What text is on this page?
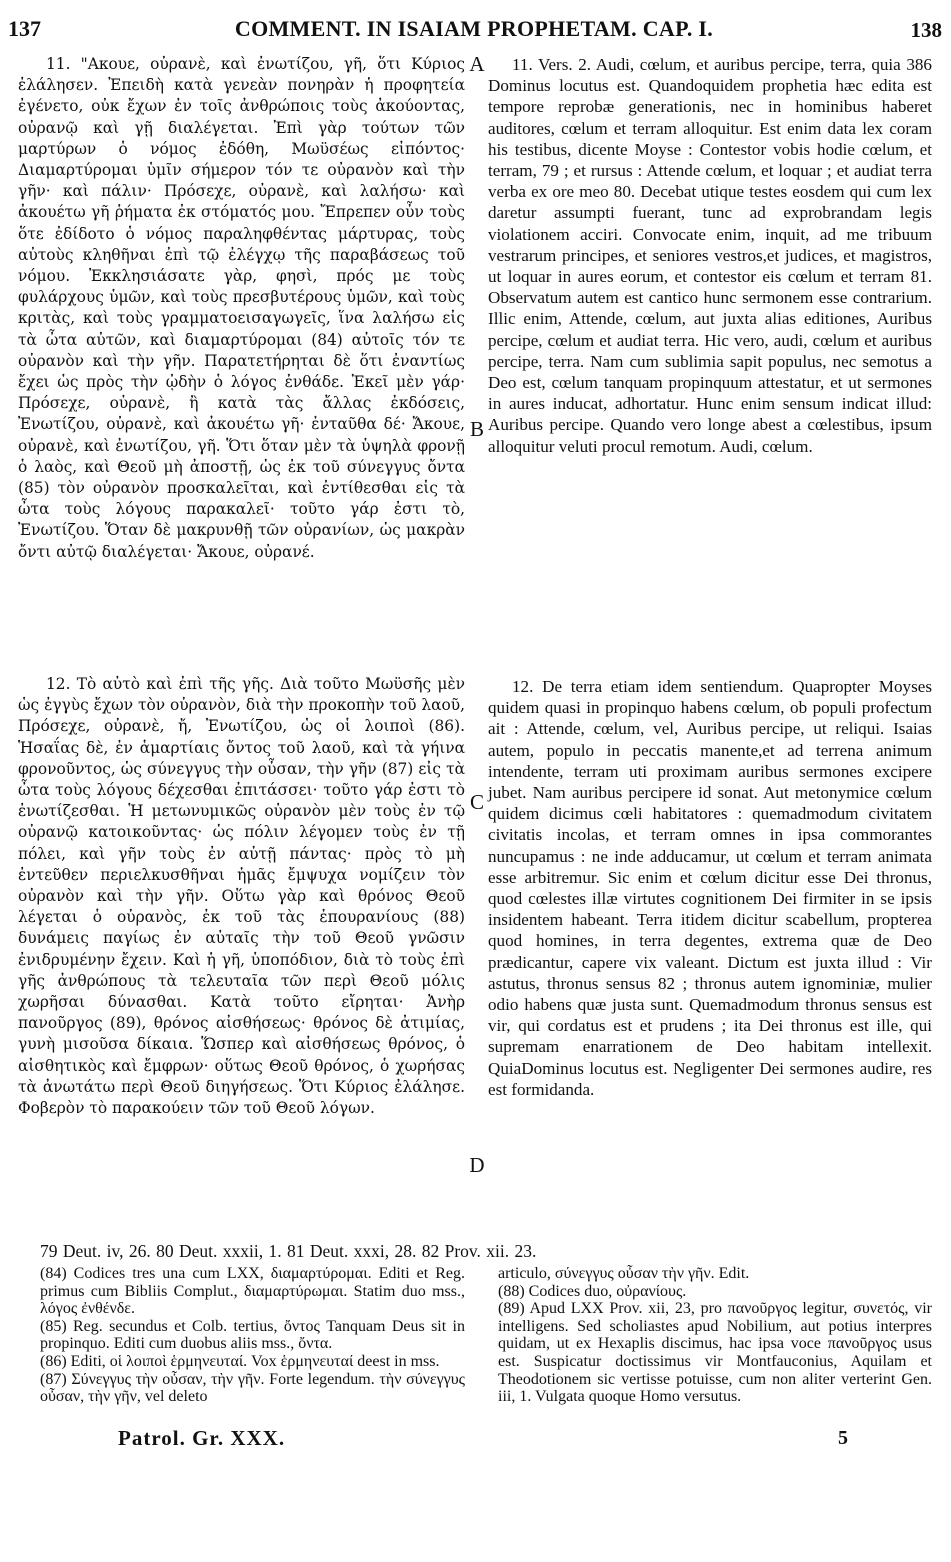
137	COMMENT. IN ISAIAM PROPHETAM. CAP. I.	138

11. "Ακουε, οὐρανὲ, καὶ ἐνωτίζου, γῆ, ὅτι Κύριος ἐλάλησεν. Ἐπειδὴ κατὰ γενεὰν πονηρὰν ἡ προφητεία ἐγένετο, οὐκ ἔχων ἐν τοῖς ἀνθρώποις τοὺς ἀκούοντας, οὐρανῷ καὶ γῇ διαλέγεται. Ἐπὶ γὰρ τούτων τῶν μαρτύρων ὁ νόμος ἐδόθη, Μωϋσέως εἰπόντος· Διαμαρτύρομαι ὑμῖν σήμερον τόν τε οὐρανὸν καὶ τὴν γῆν· καὶ πάλιν· Πρόσεχε, οὐρανὲ, καὶ λαλήσω· καὶ ἀκουέτω γῆ ῥήματα ἐκ στόματός μου. Ἔπρεπεν οὖν τοὺς ὅτε ἐδίδοτο ὁ νόμος παραληφθέντας μάρτυρας, τοὺς αὐτοὺς κληθῆναι ἐπὶ τῷ ἐλέγχῳ τῆς παραβάσεως τοῦ νόμου. Ἐκκλησιάσατε γὰρ, φησὶ, πρός με τοὺς φυλάρχους ὑμῶν, καὶ τοὺς πρεσβυτέρους ὑμῶν, καὶ τοὺς κριτὰς, καὶ τοὺς γραμματοεισαγωγεῖς, ἵνα λαλήσω εἰς τὰ ὦτα αὐτῶν, καὶ διαμαρτύρομαι (84) αὐτοῖς τόν τε οὐρανὸν καὶ τὴν γῆν. Παρατετήρηται δὲ ὅτι ἐναντίως ἔχει ὡς πρὸς τὴν ᾠδὴν ὁ λόγος ἐνθάδε. Ἐκεῖ μὲν γάρ· Πρόσεχε, οὐρανὲ, ἢ κατὰ τὰς ἄλλας ἐκδόσεις, Ἐνωτίζου, οὐρανὲ, καὶ ἀκουέτω γῆ· ἐνταῦθα δέ· Ἄκουε, οὐρανὲ, καὶ ἐνωτίζου, γῆ. Ὅτι ὅταν μὲν τὰ ὑψηλὰ φρονῇ ὁ λαὸς, καὶ Θεοῦ μὴ ἀποστῇ, ὡς ἐκ τοῦ σύνεγγυς ὄντα (85) τὸν οὐρανὸν προσκαλεῖται, καὶ ἐντίθεσθαι εἰς τὰ ὦτα τοὺς λόγους παρακαλεῖ· τοῦτο γάρ ἐστι τὸ, Ἐνωτίζου. Ὅταν δὲ μακρυνθῇ τῶν οὐρανίων, ὡς μακρὰν ὄντι αὐτῷ διαλέγεται· Ἄκουε, οὐρανέ.

12. Τὸ αὐτὸ καὶ ἐπὶ τῆς γῆς. Διὰ τοῦτο Μωϋσῆς μὲν ὡς ἐγγὺς ἔχων τὸν οὐρανὸν, διὰ τὴν προκοπὴν τοῦ λαοῦ, Πρόσεχε, οὐρανὲ, ἤ, Ἐνωτίζου, ὡς οἱ λοιποὶ (86). Ἡσαΐας δὲ, ἐν ἁμαρτίαις ὄντος τοῦ λαοῦ, καὶ τὰ γήινα φρονοῦντος, ὡς σύνεγγυς τὴν οὖσαν, τὴν γῆν (87) εἰς τὰ ὦτα τοὺς λόγους δέχεσθαι ἐπιτάσσει· τοῦτο γάρ ἐστι τὸ ἐνωτίζεσθαι. Ἡ μετωνυμικῶς οὐρανὸν μὲν τοὺς ἐν τῷ οὐρανῷ κατοικοῦντας· ὡς πόλιν λέγομεν τοὺς ἐν τῇ πόλει, καὶ γῆν τοὺς ἐν αὐτῇ πάντας· πρὸς τὸ μὴ ἐντεῦθεν περιελκυσθῆναι ἡμᾶς ἔμψυχα νομίζειν τὸν οὐρανὸν καὶ τὴν γῆν. Οὕτω γὰρ καὶ θρόνος Θεοῦ λέγεται ὁ οὐρανὸς, ἐκ τοῦ τὰς ἐπουρανίους (88) δυνάμεις παγίως ἐν αὐταῖς τὴν τοῦ Θεοῦ γνῶσιν ἐνιδρυμένην ἔχειν. Καὶ ἡ γῆ, ὑποπόδιον, διὰ τὸ τοὺς ἐπὶ γῆς ἀνθρώπους τὰ τελευταῖα τῶν περὶ Θεοῦ μόλις χωρῆσαι δύνασθαι. Κατὰ τοῦτο εἴρηται· Ἀνὴρ πανοῦργος (89), θρόνος αἰσθήσεως· θρόνος δὲ ἀτιμίας, γυνὴ μισοῦσα δίκαια. Ὥσπερ καὶ αἰσθήσεως θρόνος, ὁ αἰσθητικὸς καὶ ἔμφρων· οὕτως Θεοῦ θρόνος, ὁ χωρήσας τὰ ἀνωτάτω περὶ Θεοῦ διηγήσεως. Ὅτι Κύριος ἐλάλησε. Φοβερὸν τὸ παρακούειν τῶν τοῦ Θεοῦ λόγων.

11. Vers. 2. Audi, cœlum, et auribus percipe, terra, quia 386 Dominus locutus est. Quandoquidem prophetia hæc edita est tempore reprobæ generationis, nec in hominibus haberet auditores, cœlum et terram alloquitur. Est enim data lex coram his testibus, dicente Moyse : Contestor vobis hodie cœlum, et terram, 79 ; et rursus : Attende cœlum, et loquar ; et audiat terra verba ex ore meo 80. Decebat utique testes eosdem qui cum lex daretur assumpti fuerant, tunc ad exprobrandam legis violationem acciri. Convocate enim, inquit, ad me tribuum vestrarum principes, et seniores vestros,et judices, et magistros, ut loquar in aures eorum, et contestor eis cœlum et terram 81. Observatum autem est cantico hunc sermonem esse contrarium. Illic enim, Attende, cœlum, aut juxta alias editiones, Auribus percipe, cœlum et audiat terra. Hic vero, audi, cœlum et auribus percipe, terra. Nam cum sublimia sapit populus, nec semotus a Deo est, cœlum tanquam propinquum attestatur, et ut sermones in aures inducat, adhortatur. Hunc enim sensum indicat illud: Auribus percipe. Quando vero longe abest a cœlestibus, ipsum alloquitur veluti procul remotum. Audi, cœlum.

12. De terra etiam idem sentiendum. Quapropter Moyses quidem quasi in propinquo habens cœlum, ob populi profectum ait : Attende, cœlum, vel, Auribus percipe, ut reliqui. Isaias autem, populo in peccatis manente,et ad terrena animum intendente, terram uti proximam auribus sermones excipere jubet. Nam auribus percipere id sonat. Aut metonymice cœlum quidem dicimus cœli habitatores : quemadmodum civitatem civitatis incolas, et terram omnes in ipsa commorantes nuncupamus : ne inde adducamur, ut cœlum et terram animata esse arbitremur. Sic enim et cœlum dicitur esse Dei thronus, quod cœlestes illæ virtutes cognitionem Dei firmiter in se ipsis insidentem habeant. Terra itidem dicitur scabellum, propterea quod homines, in terra degentes, extrema quæ de Deo prædicantur, capere vix valeant. Dictum est juxta illud : Vir astutus, thronus sensus 82 ; thronus autem ignominiæ, mulier odio habens quæ justa sunt. Quemadmodum thronus sensus est vir, qui cordatus est et prudens ; ita Dei thronus est ille, qui supremam enarrationem de Deo habitam intellexit. QuiaDominus locutus est. Negligenter Dei sermones audire, res est formidanda.

A
B
C
D
79 Deut. iv, 26. 80 Deut. xxxii, 1. 81 Deut. xxxi, 28. 82 Prov. xii. 23.

(84) Codices tres una cum LXX, διαμαρτύρομαι. Editi et Reg. primus cum Bibliis Complut., διαμαρτύρωμαι. Statim duo mss., λόγος ἐνθένδε.

(85) Reg. secundus et Colb. tertius, ὄντος Tanquam Deus sit in propinquo. Editi cum duobus aliis mss., ὄντα.

(86) Editi, οἱ λοιποὶ ἑρμηνευταί. Vox ἑρμηνευταί deest in mss.

(87) Σύνεγγυς τὴν οὖσαν, τὴν γῆν. Forte legendum. τὴν σύνεγγυς οὖσαν, τὴν γῆν, vel deleto

articulo, σύνεγγυς οὖσαν τὴν γῆν. Edit.

(88) Codices duo, οὐρανίους.

(89) Apud LXX Prov. xii, 23, pro πανοῦργος legitur, συνετός, vir intelligens. Sed scholiastes apud Nobilium, aut potius interpres quidam, ut ex Hexaplis discimus, hac ipsa voce πανοῦργος usus est. Suspicatur doctissimus vir Montfauconius, Aquilam et Theodotionem sic vertisse potuisse, cum non aliter verterint Gen. iii, 1. Vulgata quoque Homo versutus.

Patrol. Gr. XXX.	5
